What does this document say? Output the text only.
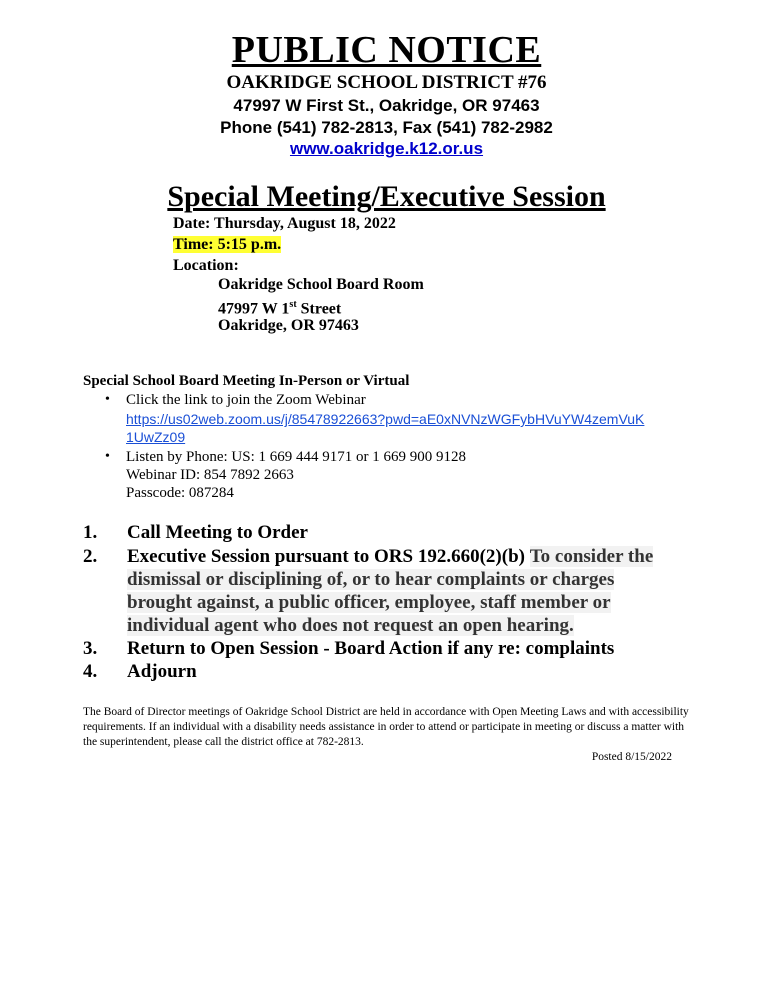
PUBLIC NOTICE
OAKRIDGE SCHOOL DISTRICT #76
47997 W First St., Oakridge, OR 97463
Phone (541) 782-2813, Fax (541) 782-2982
www.oakridge.k12.or.us
Special Meeting/Executive Session
Date: Thursday, August 18, 2022
Time: 5:15 p.m.
Location:
Oakridge School Board Room
47997 W 1st Street
Oakridge, OR 97463
Special School Board Meeting In-Person or Virtual
• Click the link to join the Zoom Webinar
https://us02web.zoom.us/j/85478922663?pwd=aE0xNVNzWGFybHVuYW4zemVuK
1UwZz09
• Listen by Phone: US: 1 669 444 9171 or 1 669 900 9128
Webinar ID: 854 7892 2663
Passcode: 087284
1. Call Meeting to Order
2. Executive Session pursuant to ORS 192.660(2)(b) To consider the
dismissal or disciplining of, or to hear complaints or charges
brought against, a public officer, employee, staff member or
individual agent who does not request an open hearing.
3. Return to Open Session - Board Action if any re: complaints
4. Adjourn
The Board of Director meetings of Oakridge School District are held in accordance with Open Meeting Laws and with accessibility requirements. If an individual with a disability needs assistance in order to attend or participate in meeting or discuss a matter with the superintendent, please call the district office at 782-2813.
Posted 8/15/2022
